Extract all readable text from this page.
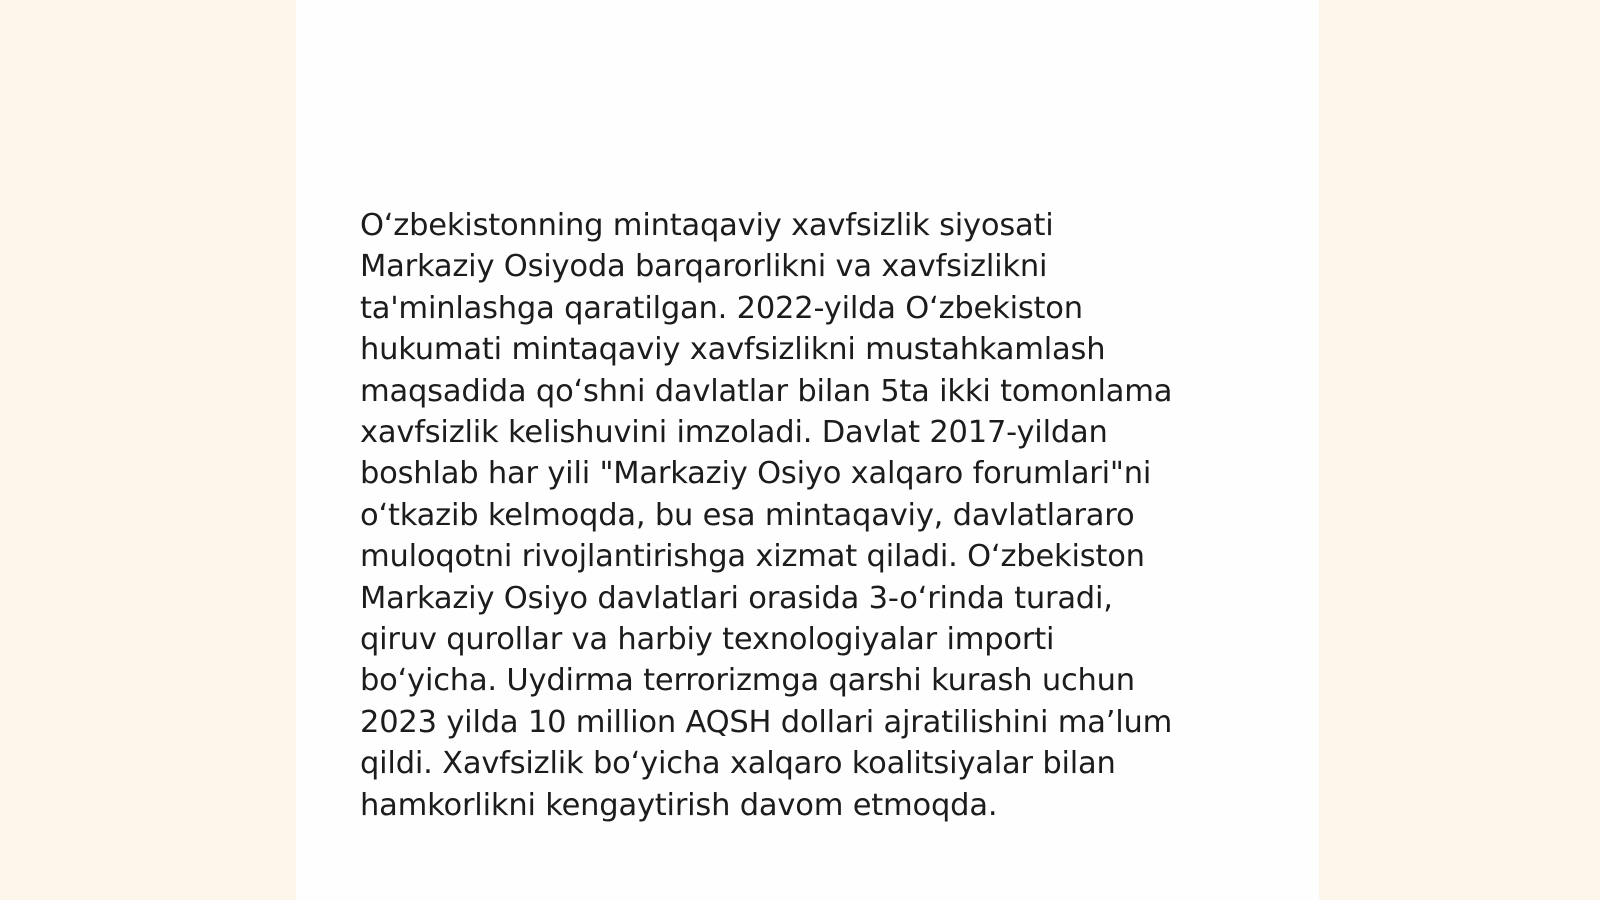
O‘zbekistonning mintaqaviy xavfsizlik siyosati
Markaziy Osiyoda barqarorlikni va xavfsizlikni
ta'minlashga qaratilgan. 2022-yilda O‘zbekiston
hukumati mintaqaviy xavfsizlikni mustahkamlash
maqsadida qo‘shni davlatlar bilan 5ta ikki tomonlama
xavfsizlik kelishuvini imzoladi. Davlat 2017-yildan
boshlab har yili "Markaziy Osiyo xalqaro forumlari"ni
o‘tkazib kelmoqda, bu esa mintaqaviy, davlatlararo
muloqotni rivojlantirishga xizmat qiladi. O‘zbekiston
Markaziy Osiyo davlatlari orasida 3-o‘rinda turadi,
qiruv qurollar va harbiy texnologiyalar importi
bo‘yicha. Uydirma terrorizmga qarshi kurash uchun
2023 yilda 10 million AQSH dollari ajratilishini ma’lum
qildi. Xavfsizlik bo‘yicha xalqaro koalitsiyalar bilan
hamkorlikni kengaytirish davom etmoqda.
